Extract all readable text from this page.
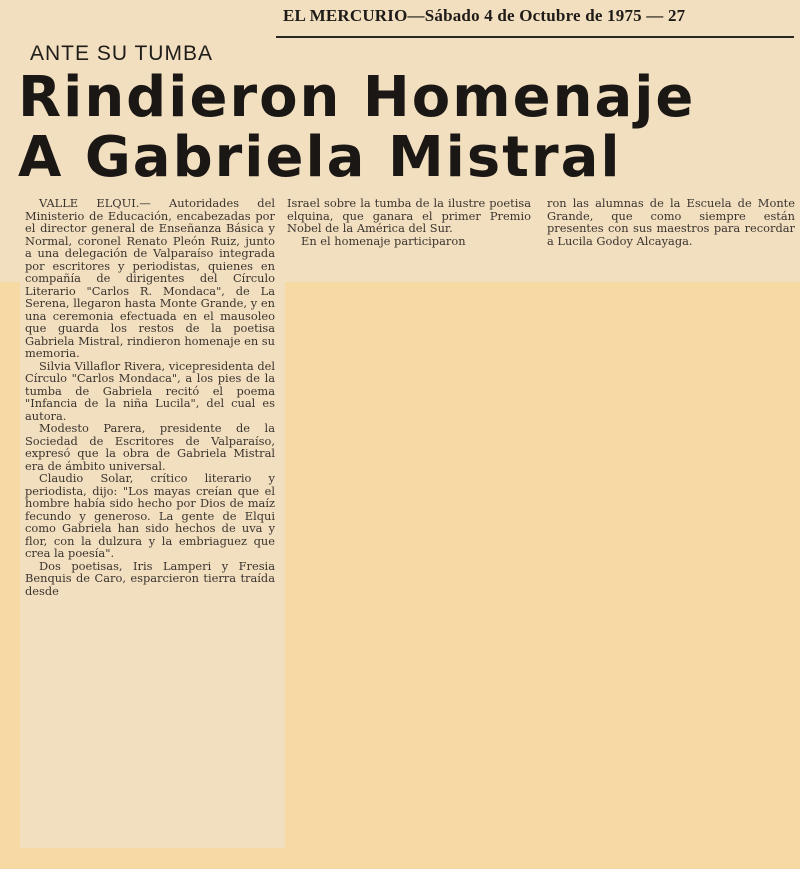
EL MERCURIO—Sábado 4 de Octubre de 1975 — 27
ANTE SU TUMBA
Rindieron Homenaje
A Gabriela Mistral

VALLE ELQUI.— Autoridades del Ministerio de Educación, encabezadas por el director general de Enseñanza Básica y Normal, coronel Renato Pleón Ruiz, junto a una delegación de Valparaíso integrada por escritores y periodistas, quienes en compañía de dirigentes del Círculo Literario "Carlos R. Mondaca", de La Serena, llegaron hasta Monte Grande, y en una ceremonia efectuada en el mausoleo que guarda los restos de la poetisa Gabriela Mistral, rindieron homenaje en su memoria.

Silvia Villaflor Rivera, vicepresidenta del Círculo "Carlos Mondaca", a los pies de la tumba de Gabriela recitó el poema "Infancia de la niña Lucila", del cual es autora.

Modesto Parera, presidente de la Sociedad de Escritores de Valparaíso, expresó que la obra de Gabriela Mistral era de ámbito universal.

Claudio Solar, crítico literario y periodista, dijo: "Los mayas creían que el hombre había sido hecho por Dios de maíz fecundo y generoso. La gente de Elqui como Gabriela han sido hechos de uva y flor, con la dulzura y la embriaguez que crea la poesía".

Dos poetisas, Iris Lamperi y Fresia Benquis de Caro, esparcieron tierra traída desde

Israel sobre la tumba de la ilustre poetisa elquina, que ganara el primer Premio Nobel de la América del Sur.

En el homenaje participaron

ron las alumnas de la Escuela de Monte Grande, que como siempre están presentes con sus maestros para recordar a Lucila Godoy Alcayaga.
